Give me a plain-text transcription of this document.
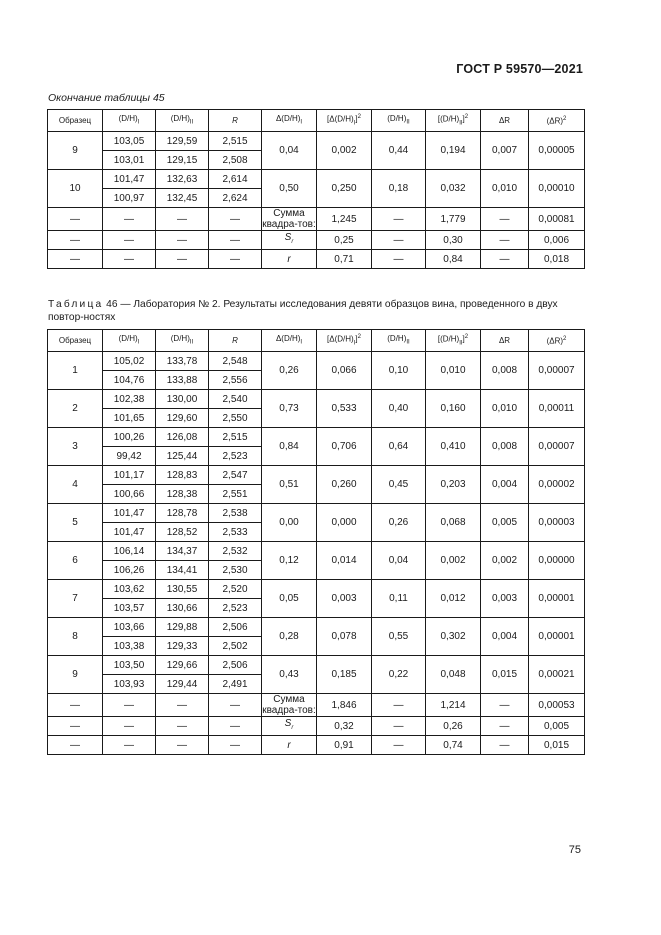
ГОСТ Р 59570—2021
Окончание таблицы 45
Образец	$(D/H)_I$	$(D/H)_{II}$	R	$\Delta(D/H)_I$	$[\Delta(D/H)_I]^2$	$(D/H)_{II}$	$[(D/H)_{II}]^2$	ΔR	$(\Delta R)^2$
9	103,05	129,59	2,515	0,04	0,002	0,44	0,194	0,007	0,00005
	103,01	129,15	2,508						
10	101,47	132,63	2,614	0,50	0,250	0,18	0,032	0,010	0,00010
	100,97	132,45	2,624						
—	—	—	—	Сумма квадра-тов:	1,245	—	1,779	—	0,00081
—	—	—	—	$S_r$	0,25	—	0,30	—	0,006
—	—	—	—	r	0,71	—	0,84	—	0,018
Таблица 46 — Лаборатория № 2. Результаты исследования девяти образцов вина, проведенного в двух повтор-ностях
Образец	$(D/H)_I$	$(D/H)_{II}$	R	$\Delta(D/H)_I$	$[\Delta(D/H)_I]^2$	$(D/H)_{II}$	$[(D/H)_{II}]^2$	ΔR	$(\Delta R)^2$
1	105,02	133,78	2,548	0,26	0,066	0,10	0,010	0,008	0,00007
	104,76	133,88	2,556						
2	102,38	130,00	2,540	0,73	0,533	0,40	0,160	0,010	0,00011
	101,65	129,60	2,550						
3	100,26	126,08	2,515	0,84	0,706	0,64	0,410	0,008	0,00007
	99,42	125,44	2,523						
4	101,17	128,83	2,547	0,51	0,260	0,45	0,203	0,004	0,00002
	100,66	128,38	2,551						
5	101,47	128,78	2,538	0,00	0,000	0,26	0,068	0,005	0,00003
	101,47	128,52	2,533						
6	106,14	134,37	2,532	0,12	0,014	0,04	0,002	0,002	0,00000
	106,26	134,41	2,530						
7	103,62	130,55	2,520	0,05	0,003	0,11	0,012	0,003	0,00001
	103,57	130,66	2,523						
8	103,66	129,88	2,506	0,28	0,078	0,55	0,302	0,004	0,00001
	103,38	129,33	2,502						
9	103,50	129,66	2,506	0,43	0,185	0,22	0,048	0,015	0,00021
	103,93	129,44	2,491						
—	—	—	—	Сумма квадра-тов:	1,846	—	1,214	—	0,00053
—	—	—	—	$S_r$	0,32	—	0,26	—	0,005
—	—	—	—	r	0,91	—	0,74	—	0,015
75
